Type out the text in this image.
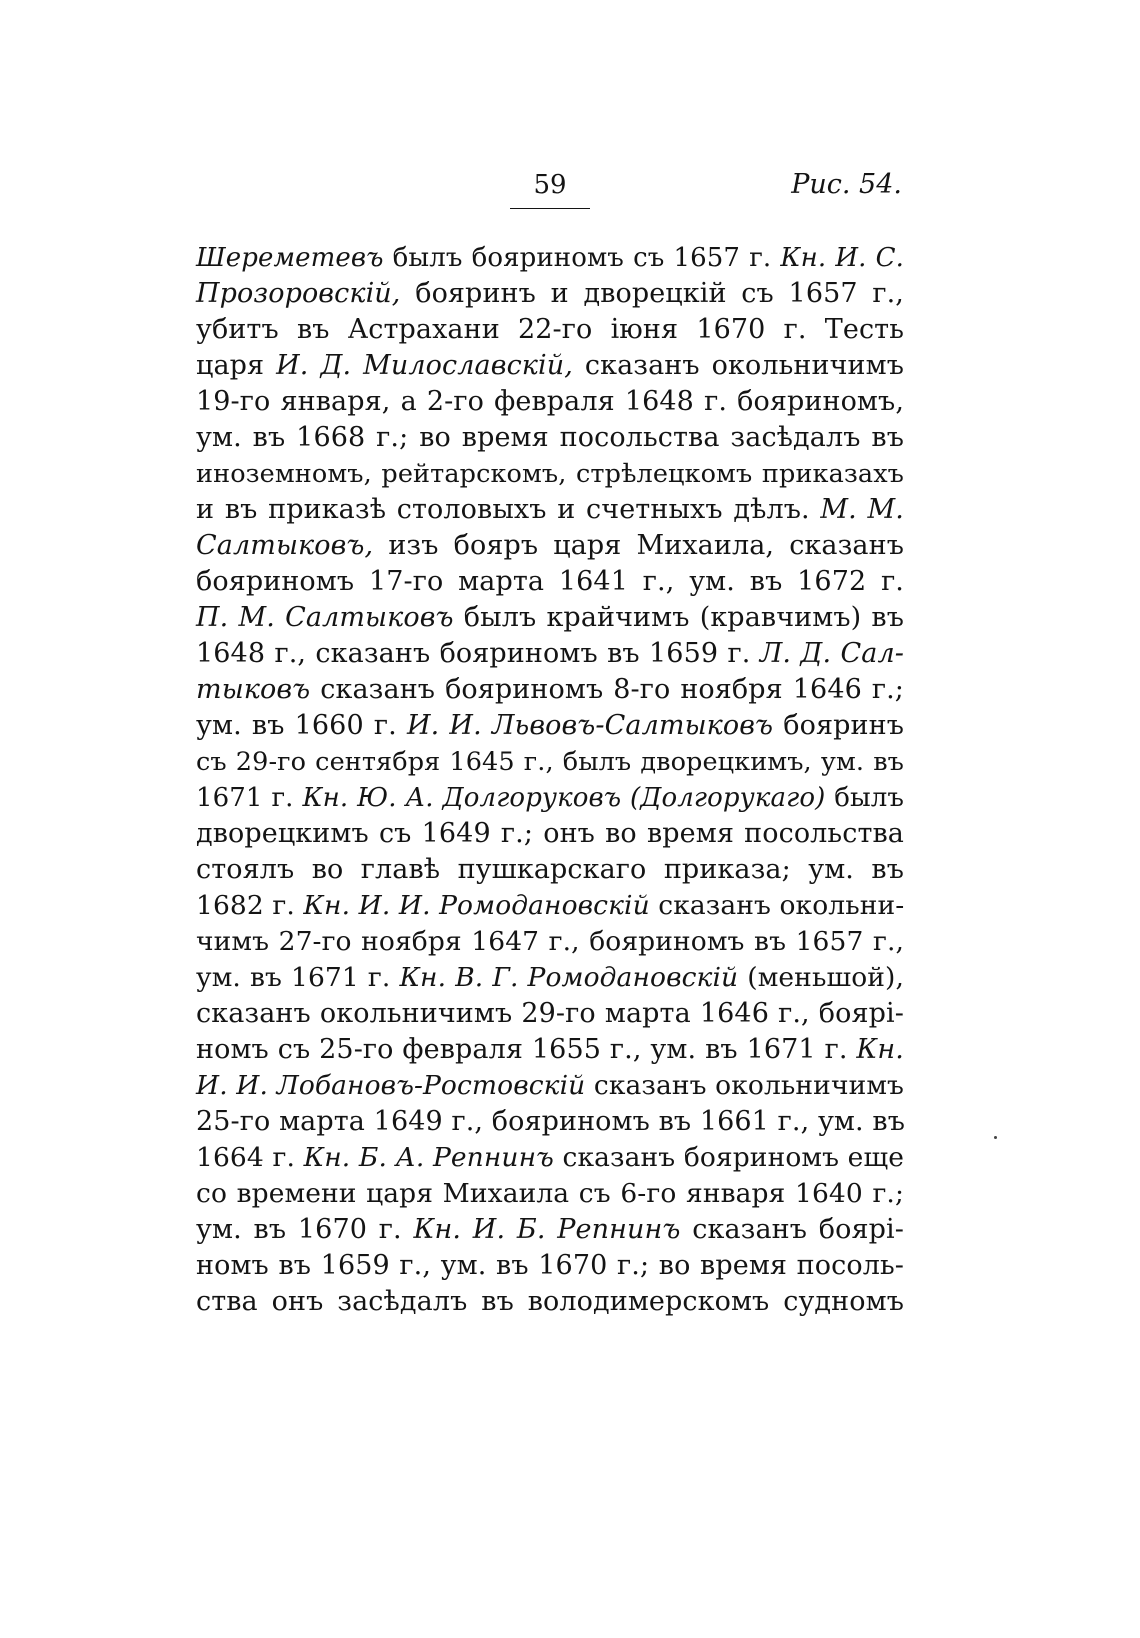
59	Рис. 54.
Шереметевъ былъ бояриномъ съ 1657 г. Кн. И. С.
Прозоровскій, бояринъ и дворецкій съ 1657 г.,
убитъ въ Астрахани 22-го іюня 1670 г. Тесть
царя И. Д. Милославскій, сказанъ окольничимъ
19-го января, а 2-го февраля 1648 г. бояриномъ,
ум. въ 1668 г.; во время посольства засѣдалъ въ
иноземномъ, рейтарскомъ, стрѣлецкомъ приказахъ
и въ приказѣ столовыхъ и счетныхъ дѣлъ. М. М.
Салтыковъ, изъ бояръ царя Михаила, сказанъ
бояриномъ 17-го марта 1641 г., ум. въ 1672 г.
П. М. Салтыковъ былъ крайчимъ (кравчимъ) въ
1648 г., сказанъ бояриномъ въ 1659 г. Л. Д. Сал-
тыковъ сказанъ бояриномъ 8-го ноября 1646 г.;
ум. въ 1660 г. И. И. Львовъ-Салтыковъ бояринъ
съ 29-го сентября 1645 г., былъ дворецкимъ, ум. въ
1671 г. Кн. Ю. А. Долгоруковъ (Долгорукаго) былъ
дворецкимъ съ 1649 г.; онъ во время посольства
стоялъ во главѣ пушкарскаго приказа; ум. въ
1682 г. Кн. И. И. Ромодановскій сказанъ окольни-
чимъ 27-го ноября 1647 г., бояриномъ въ 1657 г.,
ум. въ 1671 г. Кн. В. Г. Ромодановскій (меньшой),
сказанъ окольничимъ 29-го марта 1646 г., боярі-
номъ съ 25-го февраля 1655 г., ум. въ 1671 г. Кн.
И. И. Лобановъ-Ростовскій сказанъ окольничимъ
25-го марта 1649 г., бояриномъ въ 1661 г., ум. въ
1664 г. Кн. Б. А. Репнинъ сказанъ бояриномъ еще
со времени царя Михаила съ 6-го января 1640 г.;
ум. въ 1670 г. Кн. И. Б. Репнинъ сказанъ боярі-
номъ въ 1659 г., ум. въ 1670 г.; во время посоль-
ства онъ засѣдалъ въ володимерскомъ судномъ
